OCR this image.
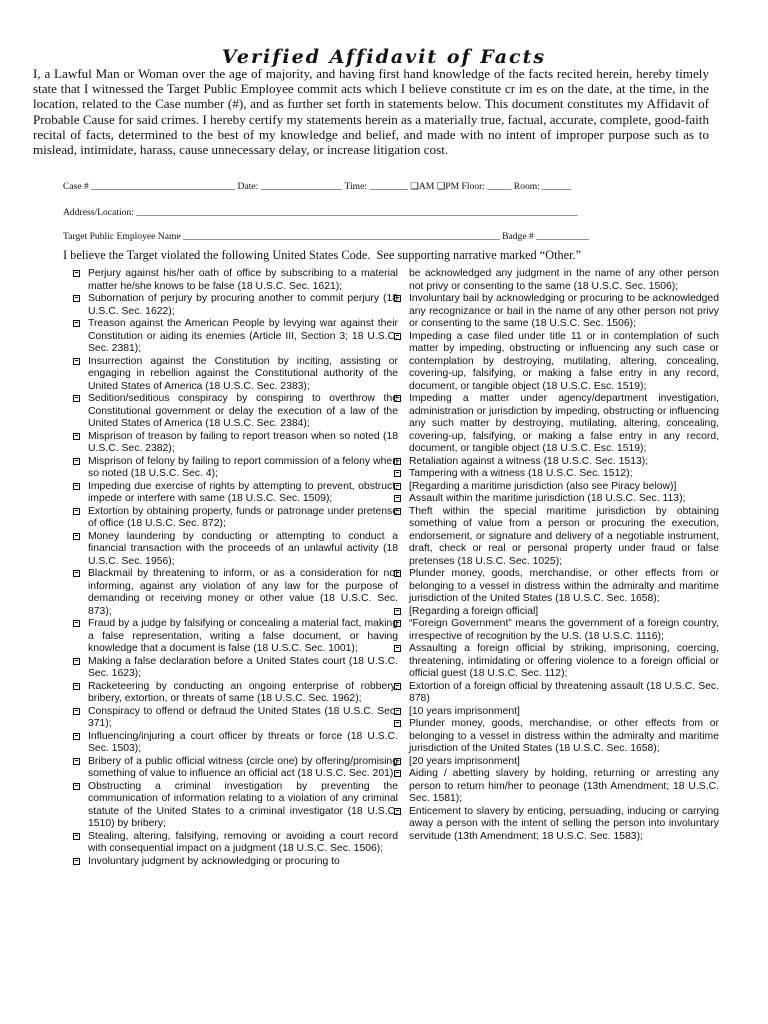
Verified Affidavit of Facts
I, a Lawful Man or Woman over the age of majority, and having first hand knowledge of the facts recited herein, hereby timely state that I witnessed the Target Public Employee commit acts which I believe constitute cr im es on the date, at the time, in the location, related to the Case number (#), and as further set forth in statements below. This document constitutes my Affidavit of Probable Cause for said crimes. I hereby certify my statements herein as a materially true, factual, accurate, complete, good-faith recital of facts, determined to the best of my knowledge and belief, and made with no intent of improper purpose such as to mislead, intimidate, harass, cause unnecessary delay, or increase litigation cost.
Case # ______________________________ Date: _________________ Time: ________ ❏AM ❏PM Floor: _____ Room: ______
Address/Location: ____________________________________________________________________________________________
Target Public Employee Name __________________________________________________________________ Badge # ___________
I believe the Target violated the following United States Code.  See supporting narrative marked “Other.”
Perjury against his/her oath of office by subscribing to a material matter he/she knows to be false (18 U.S.C. Sec. 1621);
Subornation of perjury by procuring another to commit perjury (18 U.S.C. Sec. 1622);
Treason against the American People by levying war against their Constitution or aiding its enemies (Article III, Section 3; 18 U.S.C. Sec. 2381);
Insurrection against the Constitution by inciting, assisting or engaging in rebellion against the Constitutional authority of the United States of America (18 U.S.C. Sec. 2383);
Sedition/seditious conspiracy by conspiring to overthrow the Constitutional government or delay the execution of a law of the United States of America (18 U.S.C. Sec. 2384);
Misprison of treason by failing to report treason when so noted (18 U.S.C. Sec. 2382);
Misprison of felony by failing to report commission of a felony when so noted (18 U.S.C. Sec. 4);
Impeding due exercise of rights by attempting to prevent, obstruct, impede or interfere with same (18 U.S.C. Sec. 1509);
Extortion by obtaining property, funds or patronage under pretense of office (18 U.S.C. Sec. 872);
Money laundering by conducting or attempting to conduct a financial transaction with the proceeds of an unlawful activity (18 U.S.C. Sec. 1956);
Blackmail by threatening to inform, or as a consideration for not informing, against any violation of any law for the purpose of demanding or receiving money or other value (18 U.S.C. Sec. 873);
Fraud by a judge by falsifying or concealing a material fact, making a false representation, writing a false document, or having knowledge that a document is false (18 U.S.C. Sec. 1001);
Making a false declaration before a United States court (18 U.S.C. Sec. 1623);
Racketeering by conducting an ongoing enterprise of robbery, bribery, extortion, or threats of same (18 U.S.C. Sec. 1962);
Conspiracy to offend or defraud the United States (18 U.S.C. Sec. 371);
Influencing/injuring a court officer by threats or force (18 U.S.C. Sec. 1503);
Bribery of a public official witness (circle one) by offering/promising something of value to influence an official act (18 U.S.C. Sec. 201);
Obstructing a criminal investigation by preventing the communication of information relating to a violation of any criminal statute of the United States to a criminal investigator (18 U.S.C. 1510) by bribery;
Stealing, altering, falsifying, removing or avoiding a court record with consequential impact on a judgment (18 U.S.C. Sec. 1506);
Involuntary judgment by acknowledging or procuring to
be acknowledged any judgment in the name of any other person not privy or consenting to the same (18 U.S.C. Sec. 1506);
Involuntary bail by acknowledging or procuring to be acknowledged any recognizance or bail in the name of any other person not privy or consenting to the same (18 U.S.C. Sec. 1506);
Impeding a case filed under title 11 or in contemplation of such matter by impeding, obstructing or influencing any such case or contemplation by destroying, mutilating, altering, concealing, covering-up, falsifying, or making a false entry in any record, document, or tangible object (18 U.S.C. Esc. 1519);
Impeding a matter under agency/department investigation, administration or jurisdiction by impeding, obstructing or influencing any such matter by destroying, mutilating, altering, concealing, covering-up, falsifying, or making a false entry in any record, document, or tangible object (18 U.S.C. Esc. 1519);
Retaliation against a witness (18 U.S.C. Sec. 1513);
Tampering with a witness (18 U.S.C. Sec. 1512);
[Regarding a maritime jurisdiction (also see Piracy below)]
Assault within the maritime jurisdiction (18 U.S.C. Sec. 113);
Theft within the special maritime jurisdiction by obtaining something of value from a person or procuring the execution, endorsement, or signature and delivery of a negotiable instrument, draft, check or real or personal property under fraud or false pretenses (18 U.S.C. Sec. 1025);
Plunder money, goods, merchandise, or other effects from or belonging to a vessel in distress within the admiralty and maritime jurisdiction of the United States (18 U.S.C. Sec. 1658);
[Regarding a foreign official]
“Foreign Government” means the government of a foreign country, irrespective of recognition by the U.S. (18 U.S.C. 1116);
Assaulting a foreign official by striking, imprisoning, coercing, threatening, intimidating or offering violence to a foreign official or official guest (18 U.S.C. Sec. 112);
Extortion of a foreign official by threatening assault (18 U.S.C. Sec. 878)
[10 years imprisonment]
Plunder money, goods, merchandise, or other effects from or belonging to a vessel in distress within the admiralty and maritime jurisdiction of the United States (18 U.S.C. Sec. 1658);
[20 years imprisonment]
Aiding / abetting slavery by holding, returning or arresting any person to return him/her to peonage (13th Amendment; 18 U.S.C. Sec. 1581);
Enticement to slavery by enticing, persuading, inducing or carrying away a person with the intent of selling the person into involuntary servitude (13th Amendment; 18 U.S.C. Sec. 1583);
